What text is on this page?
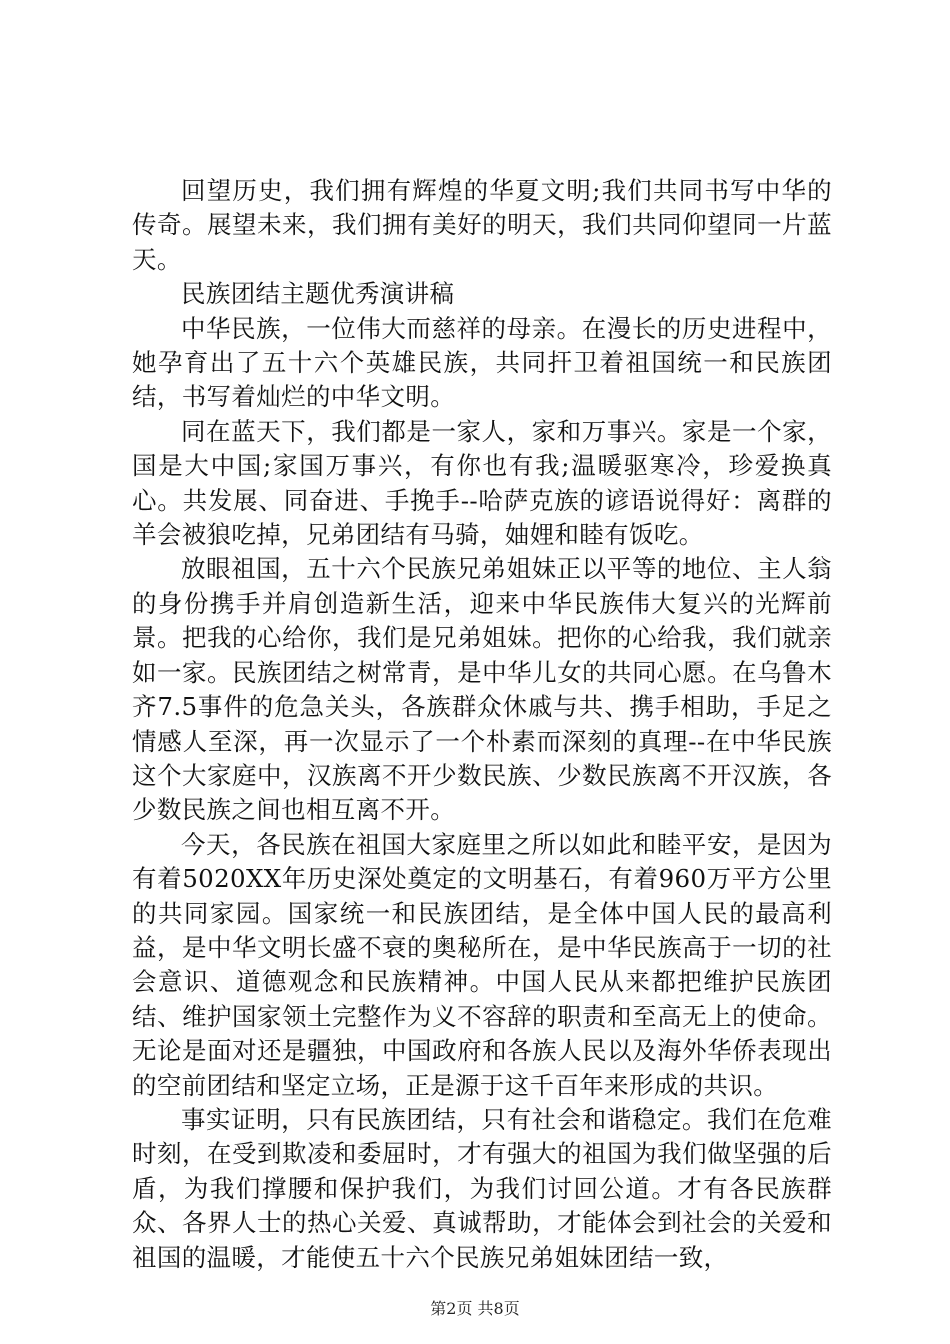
回望历史，我们拥有辉煌的华夏文明;我们共同书写中华的传奇。展望未来，我们拥有美好的明天，我们共同仰望同一片蓝天。

民族团结主题优秀演讲稿

中华民族，一位伟大而慈祥的母亲。在漫长的历史进程中，她孕育出了五十六个英雄民族，共同扞卫着祖国统一和民族团结，书写着灿烂的中华文明。

同在蓝天下，我们都是一家人，家和万事兴。家是一个家，国是大中国;家国万事兴，有你也有我;温暖驱寒冷，珍爱换真心。共发展、同奋进、手挽手--哈萨克族的谚语说得好：离群的羊会被狼吃掉，兄弟团结有马骑，妯娌和睦有饭吃。

放眼祖国，五十六个民族兄弟姐妹正以平等的地位、主人翁的身份携手并肩创造新生活，迎来中华民族伟大复兴的光辉前景。把我的心给你，我们是兄弟姐妹。把你的心给我，我们就亲如一家。民族团结之树常青，是中华儿女的共同心愿。在乌鲁木齐7.5事件的危急关头，各族群众休戚与共、携手相助，手足之情感人至深，再一次显示了一个朴素而深刻的真理--在中华民族这个大家庭中，汉族离不开少数民族、少数民族离不开汉族，各少数民族之间也相互离不开。

今天，各民族在祖国大家庭里之所以如此和睦平安，是因为有着5020XX年历史深处奠定的文明基石，有着960万平方公里的共同家园。国家统一和民族团结，是全体中国人民的最高利益，是中华文明长盛不衰的奥秘所在，是中华民族高于一切的社会意识、道德观念和民族精神。中国人民从来都把维护民族团结、维护国家领土完整作为义不容辞的职责和至高无上的使命。无论是面对还是疆独，中国政府和各族人民以及海外华侨表现出的空前团结和坚定立场，正是源于这千百年来形成的共识。

事实证明，只有民族团结，只有社会和谐稳定。我们在危难时刻，在受到欺凌和委屈时，才有强大的祖国为我们做坚强的后盾，为我们撑腰和保护我们，为我们讨回公道。才有各民族群众、各界人士的热心关爱、真诚帮助，才能体会到社会的关爱和祖国的温暖，才能使五十六个民族兄弟姐妹团结一致，

第2页 共8页
